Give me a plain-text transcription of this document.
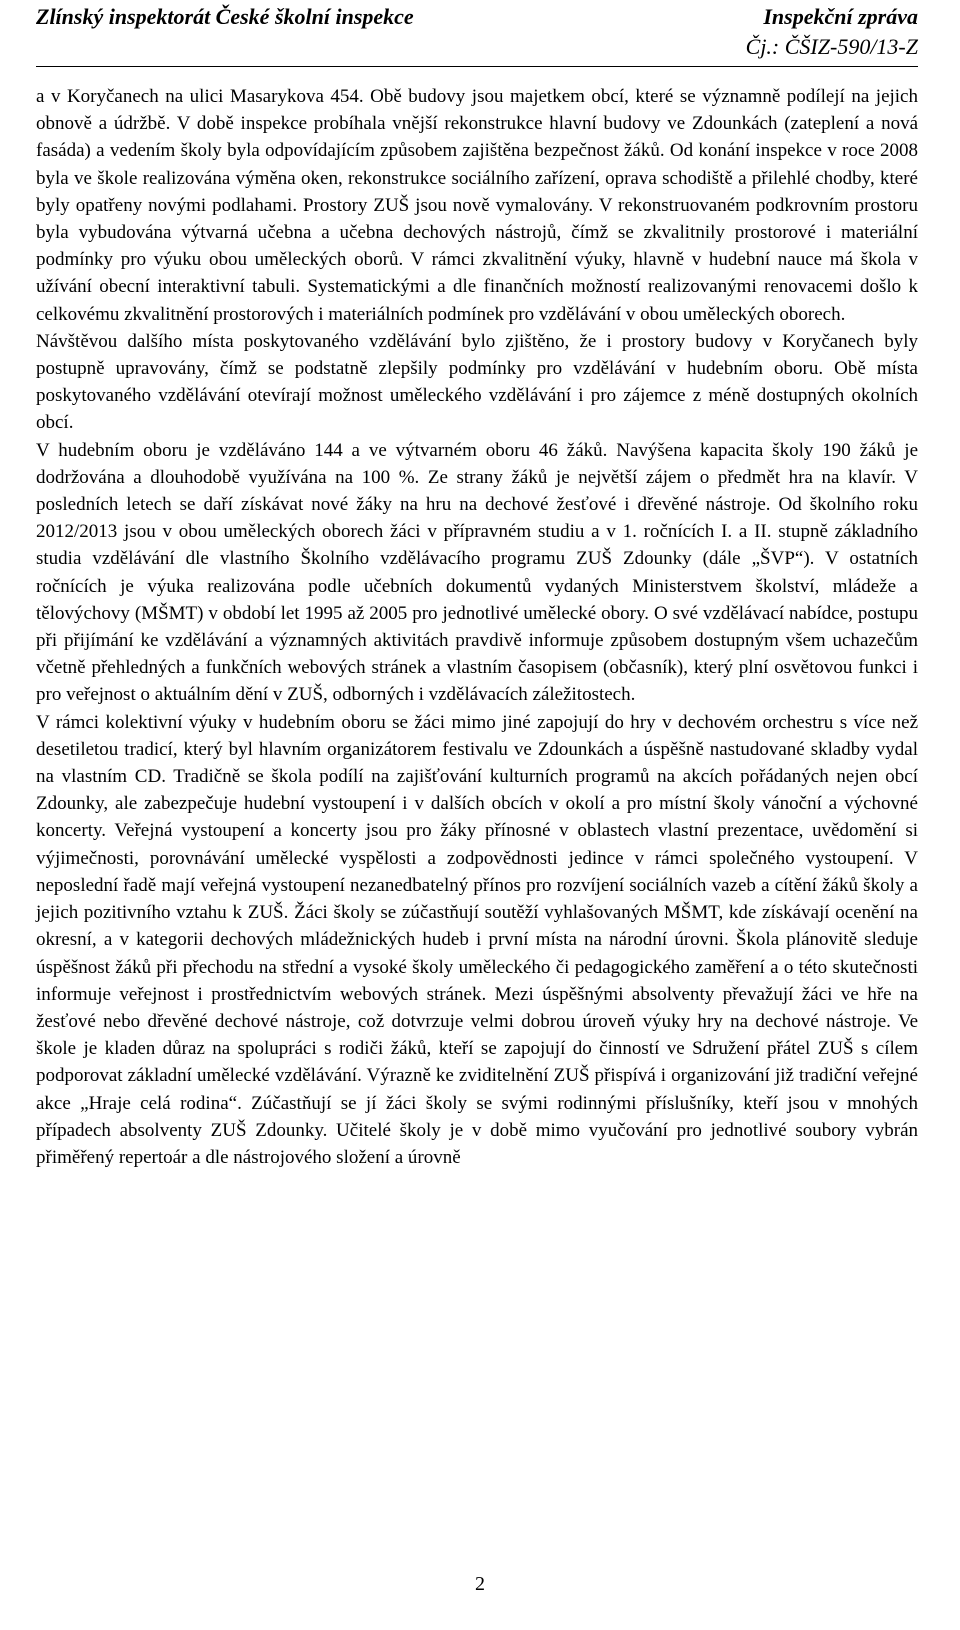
Zlínský inspektorát České školní inspekce	Inspekční zpráva
Čj.: ČŠIZ-590/13-Z

a v Koryčanech na ulici Masarykova 454. Obě budovy jsou majetkem obcí, které se významně podílejí na jejich obnově a údržbě. V době inspekce probíhala vnější rekonstrukce hlavní budovy ve Zdounkách (zateplení a nová fasáda) a vedením školy byla odpovídajícím způsobem zajištěna bezpečnost žáků. Od konání inspekce v roce 2008 byla ve škole realizována výměna oken, rekonstrukce sociálního zařízení, oprava schodiště a přilehlé chodby, které byly opatřeny novými podlahami. Prostory ZUŠ jsou nově vymalovány. V rekonstruovaném podkrovním prostoru byla vybudována výtvarná učebna a učebna dechových nástrojů, čímž se zkvalitnily prostorové i materiální podmínky pro výuku obou uměleckých oborů. V rámci zkvalitnění výuky, hlavně v hudební nauce má škola v užívání obecní interaktivní tabuli. Systematickými a dle finančních možností realizovanými renovacemi došlo k celkovému zkvalitnění prostorových i materiálních podmínek pro vzdělávání v obou uměleckých oborech.

Návštěvou dalšího místa poskytovaného vzdělávání bylo zjištěno, že i prostory budovy v Koryčanech byly postupně upravovány, čímž se podstatně zlepšily podmínky pro vzdělávání v hudebním oboru. Obě místa poskytovaného vzdělávání otevírají možnost uměleckého vzdělávání i pro zájemce z méně dostupných okolních obcí.

V hudebním oboru je vzděláváno 144 a ve výtvarném oboru 46 žáků. Navýšena kapacita školy 190 žáků je dodržována a dlouhodobě využívána na 100 %. Ze strany žáků je největší zájem o předmět hra na klavír. V posledních letech se daří získávat nové žáky na hru na dechové žesťové i dřevěné nástroje. Od školního roku 2012/2013 jsou v obou uměleckých oborech žáci v přípravném studiu a v 1. ročnících I. a II. stupně základního studia vzdělávání dle vlastního Školního vzdělávacího programu ZUŠ Zdounky (dále „ŠVP“). V ostatních ročnících je výuka realizována podle učebních dokumentů vydaných Ministerstvem školství, mládeže a tělovýchovy (MŠMT) v období let 1995 až 2005 pro jednotlivé umělecké obory. O své vzdělávací nabídce, postupu při přijímání ke vzdělávání a významných aktivitách pravdivě informuje způsobem dostupným všem uchazečům včetně přehledných a funkčních webových stránek a vlastním časopisem (občasník), který plní osvětovou funkci i pro veřejnost o aktuálním dění v ZUŠ, odborných i vzdělávacích záležitostech.

V rámci kolektivní výuky v hudebním oboru se žáci mimo jiné zapojují do hry v dechovém orchestru s více než desetiletou tradicí, který byl hlavním organizátorem festivalu ve Zdounkách a úspěšně nastudované skladby vydal na vlastním CD. Tradičně se škola podílí na zajišťování kulturních programů na akcích pořádaných nejen obcí Zdounky, ale zabezpečuje hudební vystoupení i v dalších obcích v okolí a pro místní školy vánoční a výchovné koncerty. Veřejná vystoupení a koncerty jsou pro žáky přínosné v oblastech vlastní prezentace, uvědomění si výjimečnosti, porovnávání umělecké vyspělosti a zodpovědnosti jedince v rámci společného vystoupení. V neposlední řadě mají veřejná vystoupení nezanedbatelný přínos pro rozvíjení sociálních vazeb a cítění žáků školy a jejich pozitivního vztahu k ZUŠ. Žáci školy se zúčastňují soutěží vyhlašovaných MŠMT, kde získávají ocenění na okresní, a v kategorii dechových mládežnických hudeb i první místa na národní úrovni. Škola plánovitě sleduje úspěšnost žáků při přechodu na střední a vysoké školy uměleckého či pedagogického zaměření a o této skutečnosti informuje veřejnost i prostřednictvím webových stránek. Mezi úspěšnými absolventy převažují žáci ve hře na žesťové nebo dřevěné dechové nástroje, což dotvrzuje velmi dobrou úroveň výuky hry na dechové nástroje. Ve škole je kladen důraz na spolupráci s rodiči žáků, kteří se zapojují do činností ve Sdružení přátel ZUŠ s cílem podporovat základní umělecké vzdělávání. Výrazně ke zviditelnění ZUŠ přispívá i organizování již tradiční veřejné akce „Hraje celá rodina“. Zúčastňují se jí žáci školy se svými rodinnými příslušníky, kteří jsou v mnohých případech absolventy ZUŠ Zdounky. Učitelé školy je v době mimo vyučování pro jednotlivé soubory vybrán přiměřený repertoár a dle nástrojového složení a úrovně

2
